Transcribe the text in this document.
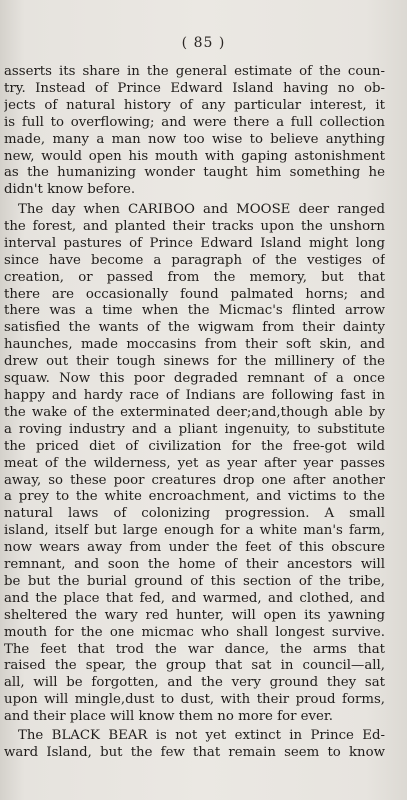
( 85 )
asserts its share in the general estimate of the coun-
try. Instead of Prince Edward Island having no ob-
jects of natural history of any particular interest, it
is full to overflowing; and were there a full collection
made, many a man now too wise to believe anything
new, would open his mouth with gaping astonishment
as the humanizing wonder taught him something he
didn't know before.
The day when CARIBOO and MOOSE deer ranged
the forest, and planted their tracks upon the unshorn
interval pastures of Prince Edward Island might long
since have become a paragraph of the vestiges of
creation, or passed from the memory, but that
there are occasionally found palmated horns; and
there was a time when the Micmac's flinted arrow
satisfied the wants of the wigwam from their dainty
haunches, made moccasins from their soft skin, and
drew out their tough sinews for the millinery of the
squaw. Now this poor degraded remnant of a once
happy and hardy race of Indians are following fast in
the wake of the exterminated deer;and,though able by
a roving industry and a pliant ingenuity, to substitute
the priced diet of civilization for the free-got wild
meat of the wilderness, yet as year after year passes
away, so these poor creatures drop one after another
a prey to the white encroachment, and victims to the
natural laws of colonizing progression. A small
island, itself but large enough for a white man's farm,
now wears away from under the feet of this obscure
remnant, and soon the home of their ancestors will
be but the burial ground of this section of the tribe,
and the place that fed, and warmed, and clothed, and
sheltered the wary red hunter, will open its yawning
mouth for the one micmac who shall longest survive.
The feet that trod the war dance, the arms that
raised the spear, the group that sat in council—all,
all, will be forgotten, and the very ground they sat
upon will mingle,dust to dust, with their proud forms,
and their place will know them no more for ever.
The BLACK BEAR is not yet extinct in Prince Ed-
ward Island, but the few that remain seem to know
